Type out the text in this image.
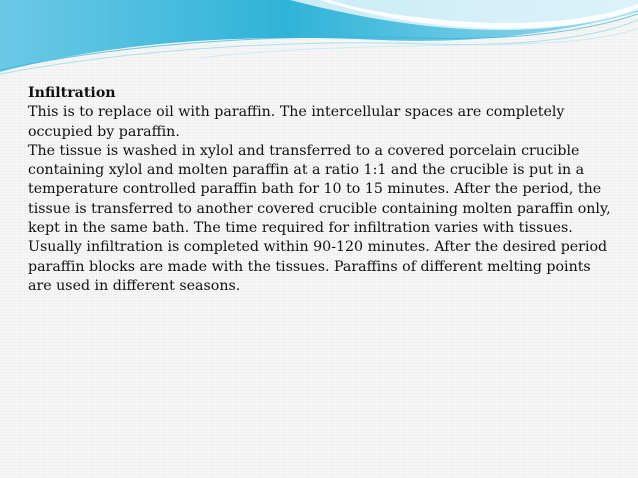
Infiltration

This is to replace oil with paraffin. The intercellular spaces are completely occupied by paraffin.

The tissue is washed in xylol and transferred to a covered porcelain crucible containing xylol and molten paraffin at a ratio 1:1 and the crucible is put in a temperature controlled paraffin bath for 10 to 15 minutes. After the period, the tissue is transferred to another covered crucible containing molten paraffin only, kept in the same bath. The time required for infiltration varies with tissues. Usually infiltration is completed within 90-120 minutes. After the desired period paraffin blocks are made with the tissues. Paraffins of different melting points are used in different seasons.
